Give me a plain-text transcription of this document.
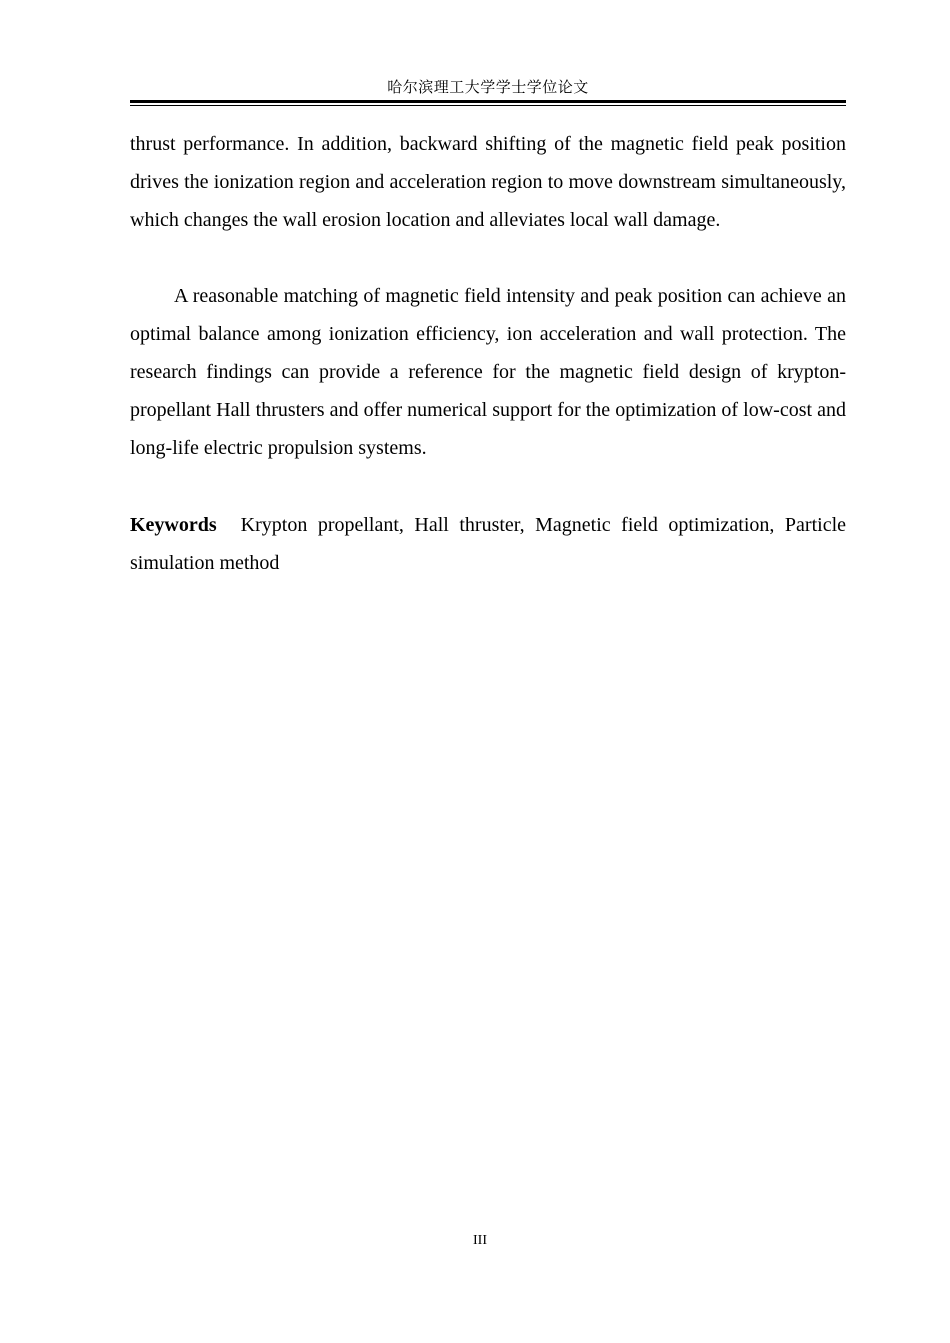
哈尔滨理工大学学士学位论文

thrust performance. In addition, backward shifting of the magnetic field peak position drives the ionization region and acceleration region to move downstream simultaneously, which changes the wall erosion location and alleviates local wall damage.

A reasonable matching of magnetic field intensity and peak position can achieve an optimal balance among ionization efficiency, ion acceleration and wall protection. The research findings can provide a reference for the magnetic field design of krypton-propellant Hall thrusters and offer numerical support for the optimization of low-cost and long-life electric propulsion systems.

Keywords Krypton propellant, Hall thruster, Magnetic field optimization, Particle simulation method

III
